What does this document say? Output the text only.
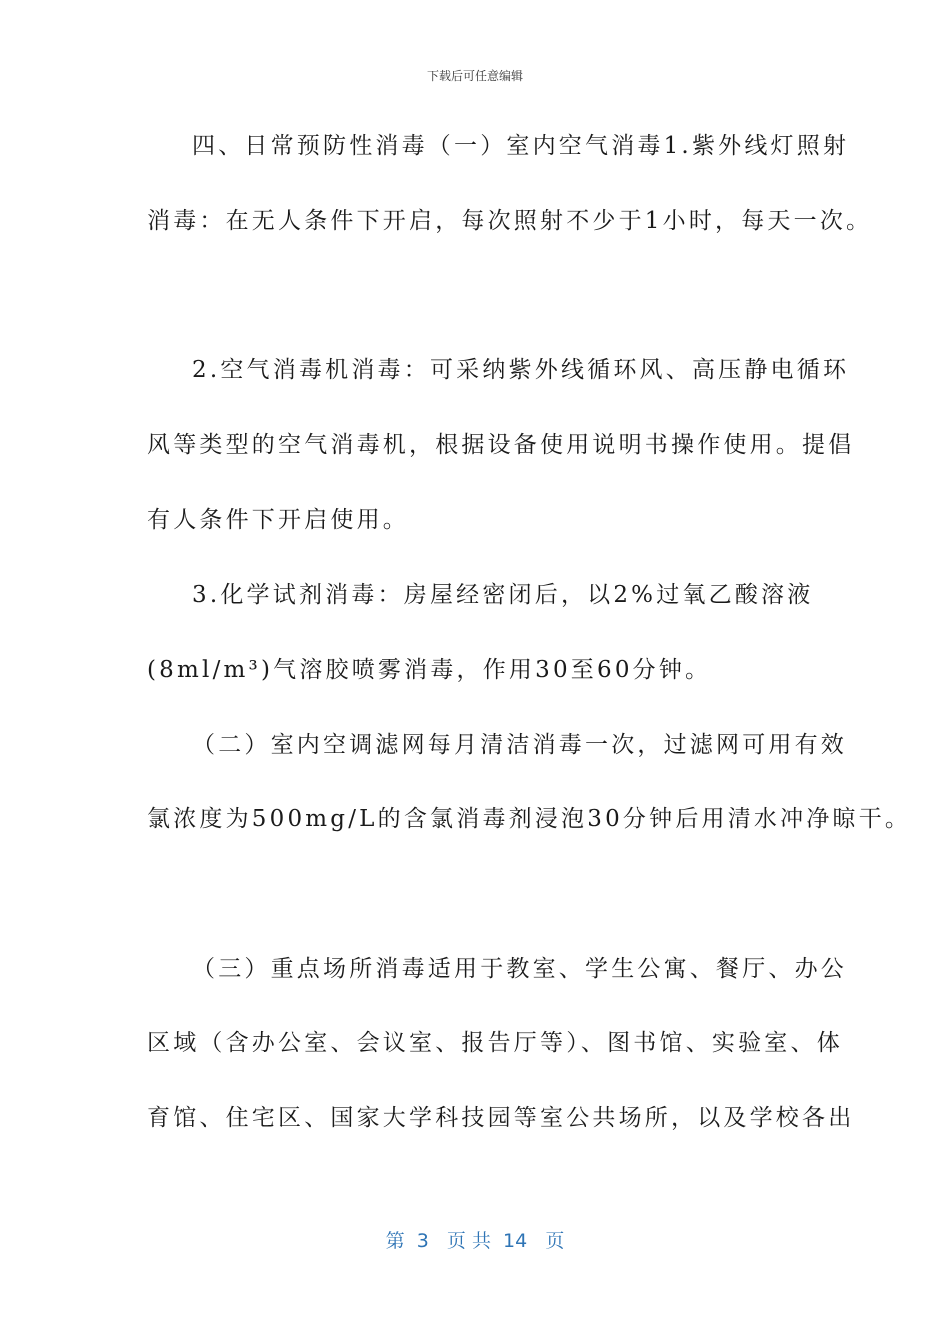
下载后可任意编辑
四、日常预防性消毒（一）室内空气消毒1.紫外线灯照射
消毒：在无人条件下开启，每次照射不少于1小时，每天一次。
2.空气消毒机消毒：可采纳紫外线循环风、高压静电循环
风等类型的空气消毒机，根据设备使用说明书操作使用。提倡
有人条件下开启使用。
3.化学试剂消毒：房屋经密闭后，以2%过氧乙酸溶液
(8ml/m³)气溶胶喷雾消毒，作用30至60分钟。
（二）室内空调滤网每月清洁消毒一次，过滤网可用有效
氯浓度为500mg/L的含氯消毒剂浸泡30分钟后用清水冲净晾干。
（三）重点场所消毒适用于教室、学生公寓、餐厅、办公
区域（含办公室、会议室、报告厅等）、图书馆、实验室、体
育馆、住宅区、国家大学科技园等室公共场所，以及学校各出
第  3   页 共  14   页
